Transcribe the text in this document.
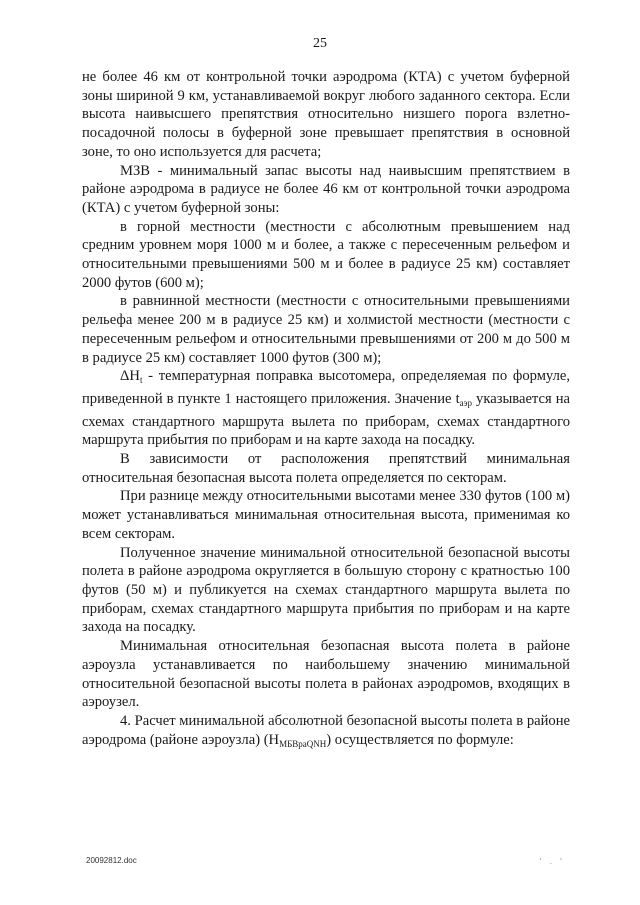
25

не более 46 км от контрольной точки аэродрома (КТА) с учетом буферной зоны шириной 9 км, устанавливаемой вокруг любого заданного сектора. Если высота наивысшего препятствия относительно низшего порога взлетно-посадочной полосы в буферной зоне превышает препятствия в основной зоне, то оно используется для расчета;

МЗВ - минимальный запас высоты над наивысшим препятствием в районе аэродрома в радиусе не более 46 км от контрольной точки аэродрома (КТА) с учетом буферной зоны:

в горной местности (местности с абсолютным превышением над средним уровнем моря 1000 м и более, а также с пересеченным рельефом и относительными превышениями 500 м и более в радиусе 25 км) составляет 2000 футов (600 м);

в равнинной местности (местности с относительными превышениями рельефа менее 200 м в радиусе 25 км) и холмистой местности (местности с пересеченным рельефом и относительными превышениями от 200 м до 500 м в радиусе 25 км) составляет 1000 футов (300 м);

$\Delta H_t$ - температурная поправка высотомера, определяемая по формуле, приведенной в пункте 1 настоящего приложения. Значение $t_{аэр}$ указывается на схемах стандартного маршрута вылета по приборам, схемах стандартного маршрута прибытия по приборам и на карте захода на посадку.

В зависимости от расположения препятствий минимальная относительная безопасная высота полета определяется по секторам.

При разнице между относительными высотами менее 330 футов (100 м) может устанавливаться минимальная относительная высота, применимая ко всем секторам.

Полученное значение минимальной относительной безопасной высоты полета в районе аэродрома округляется в большую сторону с кратностью 100 футов (50 м) и публикуется на схемах стандартного маршрута вылета по приборам, схемах стандартного маршрута прибытия по приборам и на карте захода на посадку.

Минимальная относительная безопасная высота полета в районе аэроузла устанавливается по наибольшему значению минимальной относительной безопасной высоты полета в районах аэродромов, входящих в аэроузел.

4. Расчет минимальной абсолютной безопасной высоты полета в районе аэродрома (районе аэроузла) $(H_{МБВраQNH})$ осуществляется по формуле:

20092812.doc	' . '
